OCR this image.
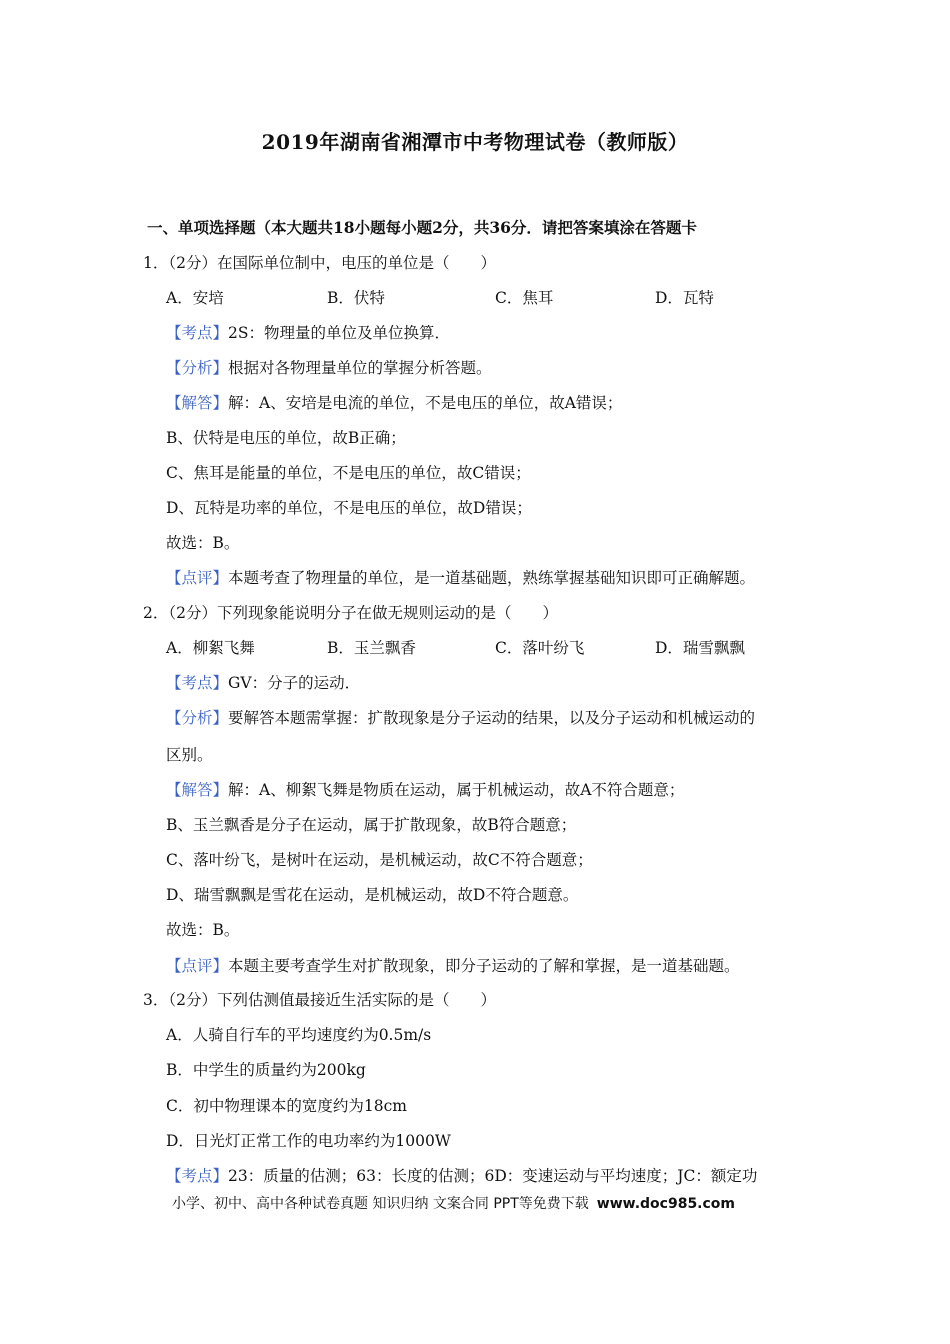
2019年湖南省湘潭市中考物理试卷（教师版）
一、单项选择题（本大题共18小题每小题2分，共36分．请把答案填涂在答题卡
1．（2分）在国际单位制中，电压的单位是（　　）
A．安培	B．伏特	C．焦耳	D．瓦特
【考点】2S：物理量的单位及单位换算．
【分析】根据对各物理量单位的掌握分析答题。
【解答】解：A、安培是电流的单位，不是电压的单位，故A错误；
B、伏特是电压的单位，故B正确；
C、焦耳是能量的单位，不是电压的单位，故C错误；
D、瓦特是功率的单位，不是电压的单位，故D错误；
故选：B。
【点评】本题考查了物理量的单位，是一道基础题，熟练掌握基础知识即可正确解题。
2．（2分）下列现象能说明分子在做无规则运动的是（　　）
A．柳絮飞舞	B．玉兰飘香	C．落叶纷飞	D．瑞雪飘飘
【考点】GV：分子的运动．
【分析】要解答本题需掌握：扩散现象是分子运动的结果，以及分子运动和机械运动的
区别。
【解答】解：A、柳絮飞舞是物质在运动，属于机械运动，故A不符合题意；
B、玉兰飘香是分子在运动，属于扩散现象，故B符合题意；
C、落叶纷飞，是树叶在运动，是机械运动，故C不符合题意；
D、瑞雪飘飘是雪花在运动，是机械运动，故D不符合题意。
故选：B。
【点评】本题主要考查学生对扩散现象，即分子运动的了解和掌握，是一道基础题。
3．（2分）下列估测值最接近生活实际的是（　　）
A．人骑自行车的平均速度约为0.5m/s
B．中学生的质量约为200kg
C．初中物理课本的宽度约为18cm
D．日光灯正常工作的电功率约为1000W
【考点】23：质量的估测；63：长度的估测；6D：变速运动与平均速度；JC：额定功
小学、初中、高中各种试卷真题 知识归纳 文案合同 PPT等免费下载 www.doc985.com
